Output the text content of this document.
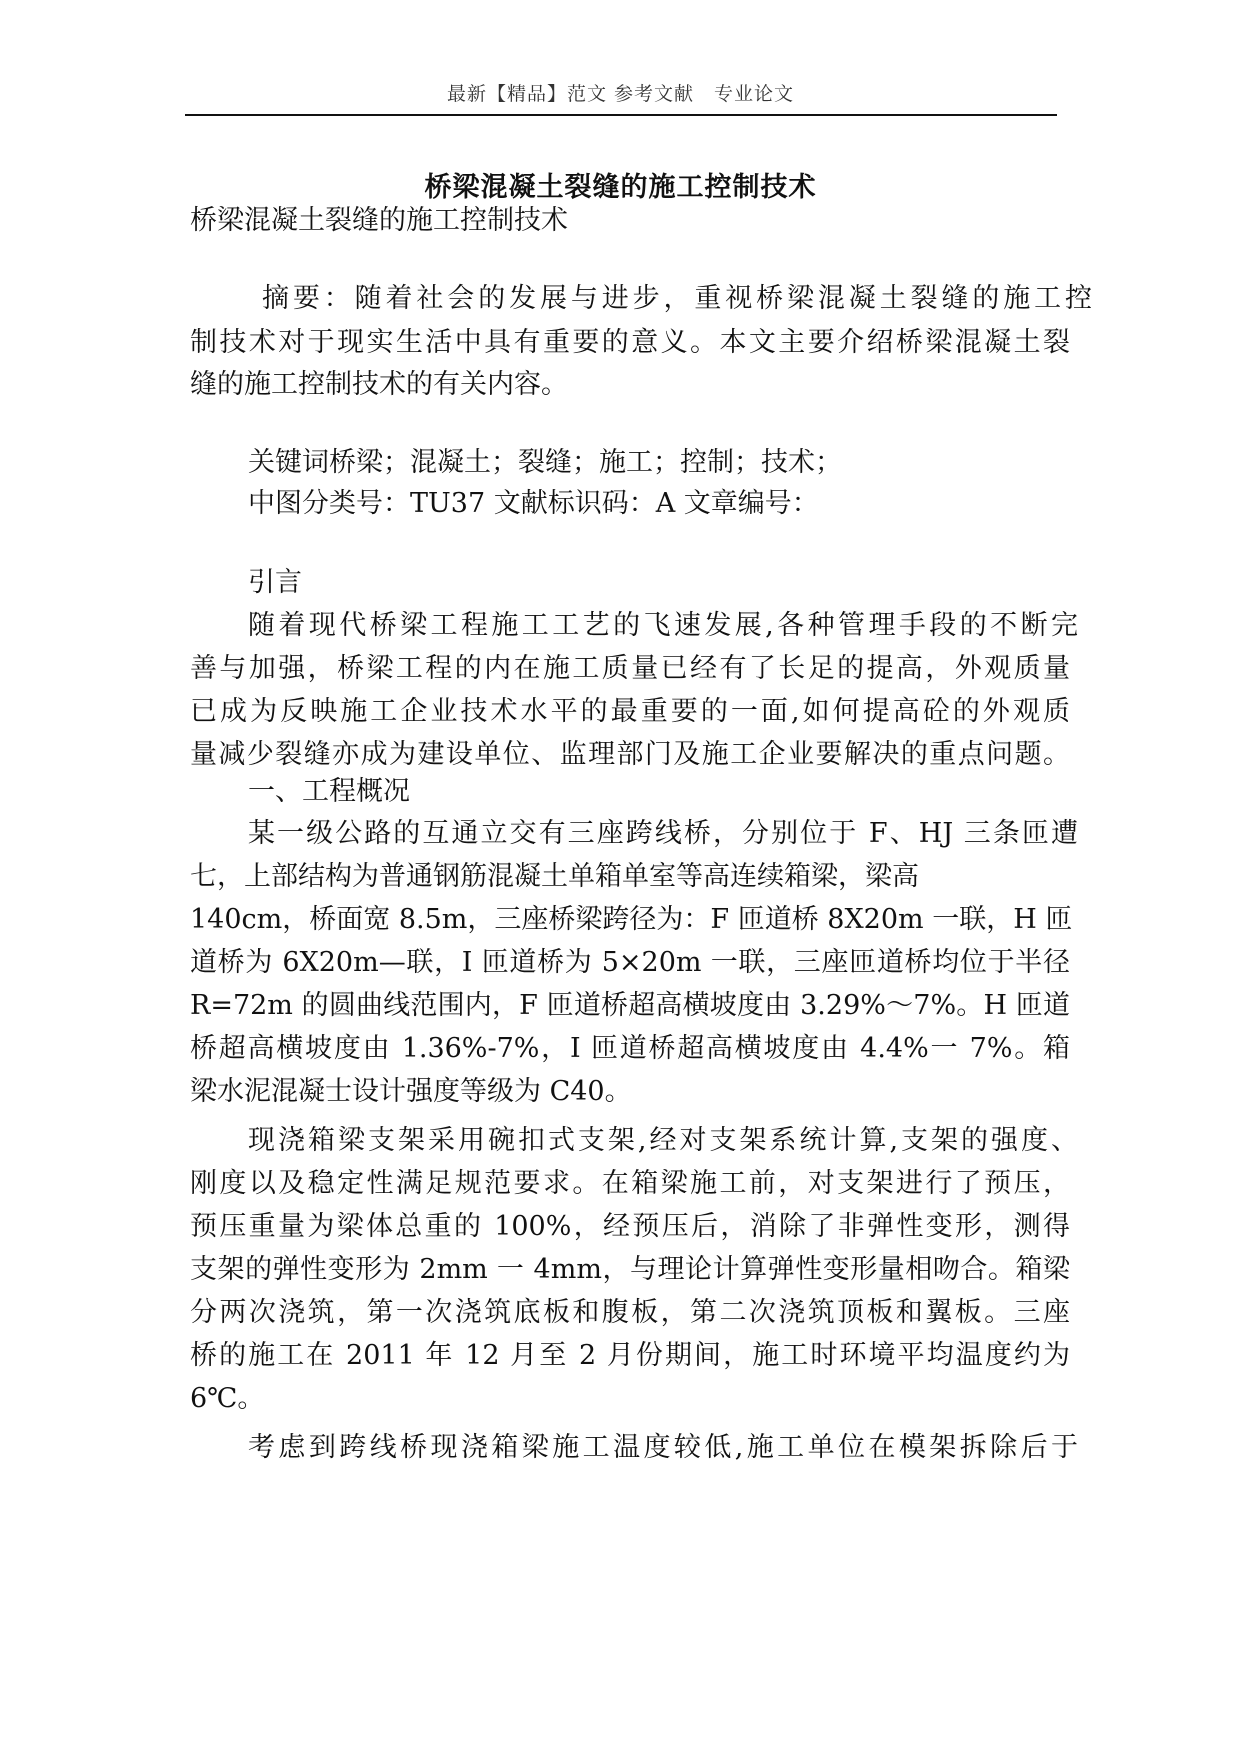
最新【精品】范文 参考文献　专业论文
桥梁混凝土裂缝的施工控制技术
桥梁混凝土裂缝的施工控制技术
摘要：随着社会的发展与进步，重视桥梁混凝土裂缝的施工控
制技术对于现实生活中具有重要的意义。本文主要介绍桥梁混凝土裂
缝的施工控制技术的有关内容。
关键词桥梁；混凝土；裂缝；施工；控制；技术；
中图分类号：TU37 文献标识码：A 文章编号：
引言
随着现代桥梁工程施工工艺的飞速发展,各种管理手段的不断完
善与加强，桥梁工程的内在施工质量已经有了长足的提高，外观质量
已成为反映施工企业技术水平的最重要的一面,如何提高砼的外观质
量减少裂缝亦成为建设单位、监理部门及施工企业要解决的重点问题。
一、工程概况
某一级公路的互通立交有三座跨线桥，分别位于 F、HJ 三条匝遭
七，上部结构为普通钢筋混凝土单箱单室等高连续箱梁，梁高
140cm，桥面宽 8.5m，三座桥梁跨径为：F 匝道桥 8X20m 一联，H 匝
道桥为 6X20m—联，I 匝道桥为 5×20m 一联，三座匝道桥均位于半径
R=72m 的圆曲线范围内，F 匝道桥超高横坡度由 3.29%～7%。H 匝道
桥超高横坡度由 1.36%-7%，I 匝道桥超高横坡度由 4.4%一 7%。箱
梁水泥混凝士设计强度等级为 C40。
现浇箱梁支架采用碗扣式支架,经对支架系统计算,支架的强度、
刚度以及稳定性满足规范要求。在箱梁施工前，对支架进行了预压，
预压重量为梁体总重的 100%，经预压后，消除了非弹性变形，测得
支架的弹性变形为 2mm 一 4mm，与理论计算弹性变形量相吻合。箱梁
分两次浇筑，第一次浇筑底板和腹板，第二次浇筑顶板和翼板。三座
桥的施工在 2011 年 12 月至 2 月份期间，施工时环境平均温度约为
6℃。
考虑到跨线桥现浇箱梁施工温度较低,施工单位在模架拆除后于
